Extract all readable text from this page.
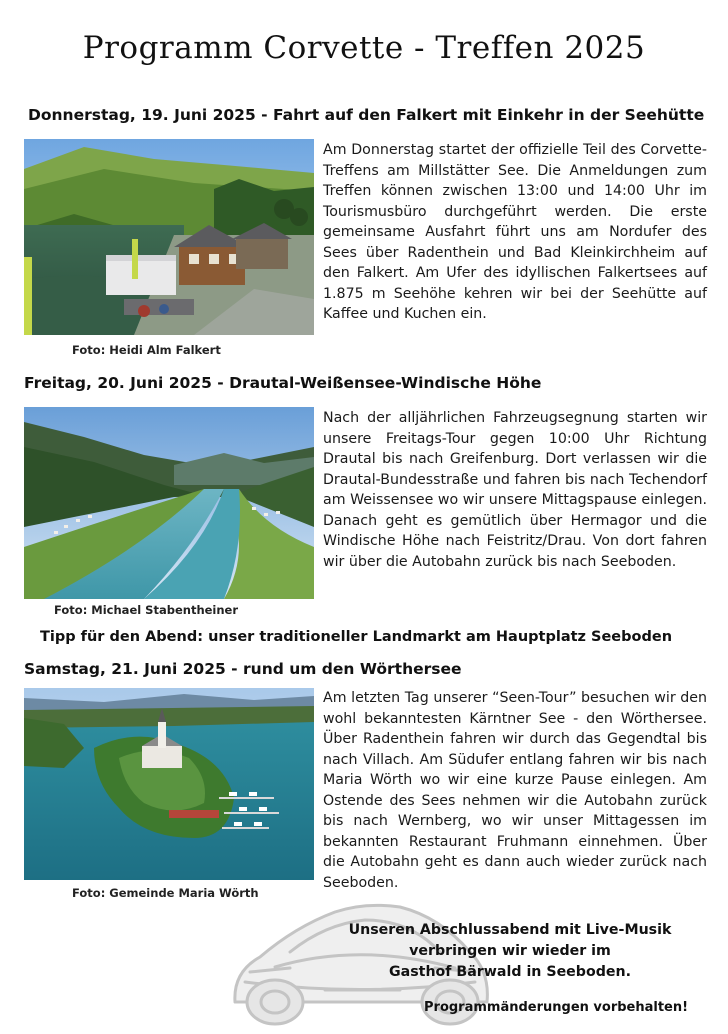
Programm Corvette - Treffen 2025
Donnerstag, 19. Juni 2025 - Fahrt auf den Falkert mit Einkehr in der Seehütte
Foto: Heidi Alm Falkert
Am Donnerstag startet der offizielle Teil des Corvette-Treffens am Millstätter See. Die Anmeldungen zum Treffen können zwischen 13:00 und 14:00 Uhr im Tourismusbüro durchgeführt werden. Die erste gemeinsame Ausfahrt führt uns am Nordufer des Sees über Radenthein und Bad Kleinkirchheim auf den Falkert. Am Ufer des idyllischen Falkertsees auf 1.875 m Seehöhe kehren wir bei der Seehütte auf Kaffee und Kuchen ein.
Freitag, 20. Juni 2025 - Drautal-Weißensee-Windische Höhe
Foto: Michael Stabentheiner
Nach der alljährlichen Fahrzeugsegnung starten wir unsere Freitags-Tour gegen 10:00 Uhr Richtung Drautal bis nach Greifenburg. Dort verlassen wir die Drautal-Bundesstraße und fahren bis nach Techendorf am Weissensee wo wir unsere Mittagspause einlegen. Danach geht es gemütlich über Hermagor und die Windische Höhe nach Feistritz/Drau. Von dort fahren wir über die Autobahn zurück bis nach Seeboden.
Tipp für den Abend: unser traditioneller Landmarkt am Hauptplatz Seeboden
Samstag, 21. Juni 2025 - rund um den Wörthersee
Foto: Gemeinde Maria Wörth
Am letzten Tag unserer “Seen-Tour” besuchen wir den wohl bekanntesten Kärntner See - den Wörthersee. Über Radenthein fahren wir durch das Gegendtal bis nach Villach. Am Südufer entlang fahren wir bis nach Maria Wörth wo wir eine kurze Pause einlegen. Am Ostende des Sees nehmen wir die Autobahn zurück bis nach Wernberg, wo wir unser Mittagessen im bekannten Restaurant Fruhmann einnehmen. Über die Autobahn geht es dann auch wieder zurück nach Seeboden.
Unseren Abschlussabend mit Live-Musik
verbringen wir wieder im
Gasthof Bärwald in Seeboden.
Programmänderungen vorbehalten!
